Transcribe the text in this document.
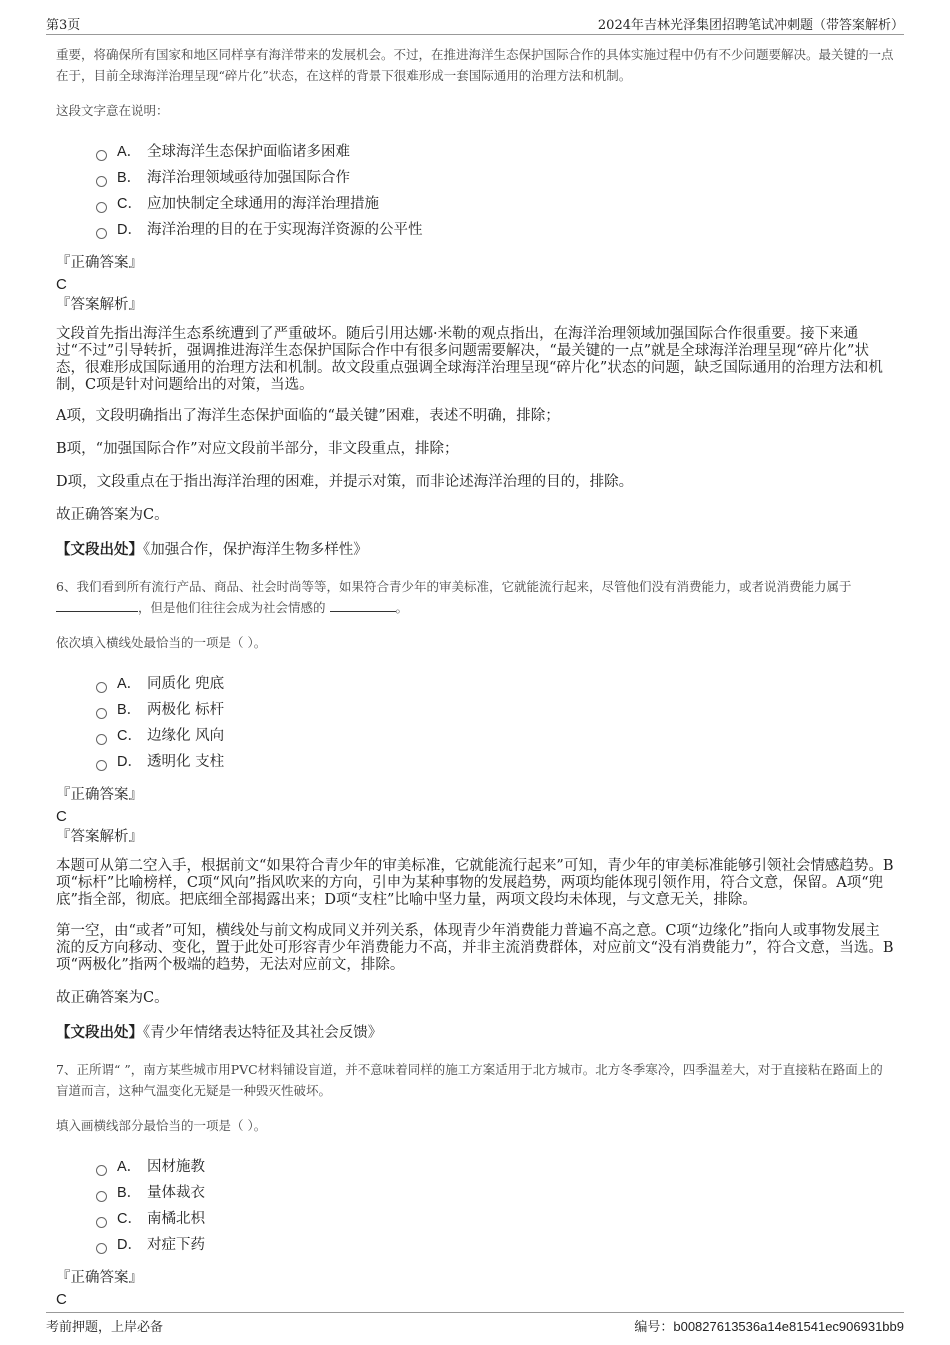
第3页	2024年吉林光泽集团招聘笔试冲刺题（带答案解析）

重要，将确保所有国家和地区同样享有海洋带来的发展机会。不过，在推进海洋生态保护国际合作的具体实施过程中仍有不少问题要解决。最关键的一点在于，目前全球海洋治理呈现“碎片化”状态，在这样的背景下很难形成一套国际通用的治理方法和机制。

这段文字意在说明：

A． 全球海洋生态保护面临诸多困难
B． 海洋治理领域亟待加强国际合作
C． 应加快制定全球通用的海洋治理措施
D． 海洋治理的目的在于实现海洋资源的公平性

『正确答案』

C

『答案解析』

文段首先指出海洋生态系统遭到了严重破坏。随后引用达娜·米勒的观点指出，在海洋治理领域加强国际合作很重要。接下来通过“不过”引导转折，强调推进海洋生态保护国际合作中有很多问题需要解决，“最关键的一点”就是全球海洋治理呈现“碎片化”状态，很难形成国际通用的治理方法和机制。故文段重点强调全球海洋治理呈现“碎片化”状态的问题，缺乏国际通用的治理方法和机制，C项是针对问题给出的对策，当选。

A项，文段明确指出了海洋生态保护面临的“最关键”困难，表述不明确，排除；

B项，“加强国际合作”对应文段前半部分，非文段重点，排除；

D项，文段重点在于指出海洋治理的困难，并提示对策，而非论述海洋治理的目的，排除。

故正确答案为C。

【文段出处】《加强合作，保护海洋生物多样性》

6、我们看到所有流行产品、商品、社会时尚等等，如果符合青少年的审美标准，它就能流行起来，尽管他们没有消费能力，或者说消费能力属于 ，但是他们往往会成为社会情感的	。

依次填入横线处最恰当的一项是（ ）。

A． 同质化 兜底
B． 两极化 标杆
C． 边缘化 风向
D． 透明化 支柱

『正确答案』

C

『答案解析』

本题可从第二空入手，根据前文“如果符合青少年的审美标准，它就能流行起来”可知，青少年的审美标准能够引领社会情感趋势。B项“标杆”比喻榜样，C项“风向”指风吹来的方向，引申为某种事物的发展趋势，两项均能体现引领作用，符合文意，保留。A项“兜底”指全部，彻底。把底细全部揭露出来；D项“支柱”比喻中坚力量，两项文段均未体现，与文意无关，排除。

第一空，由“或者”可知，横线处与前文构成同义并列关系，体现青少年消费能力普遍不高之意。C项“边缘化”指向人或事物发展主流的反方向移动、变化，置于此处可形容青少年消费能力不高，并非主流消费群体，对应前文“没有消费能力”，符合文意，当选。B项“两极化”指两个极端的趋势，无法对应前文，排除。

故正确答案为C。

【文段出处】《青少年情绪表达特征及其社会反馈》

7、正所谓“ ”，南方某些城市用PVC材料铺设盲道，并不意味着同样的施工方案适用于北方城市。北方冬季寒冷，四季温差大，对于直接粘在路面上的盲道而言，这种气温变化无疑是一种毁灭性破坏。

填入画横线部分最恰当的一项是（ ）。

A． 因材施教
B． 量体裁衣
C． 南橘北枳
D． 对症下药

『正确答案』

C

考前押题，上岸必备	编号：b00827613536a14e81541ec906931bb9
